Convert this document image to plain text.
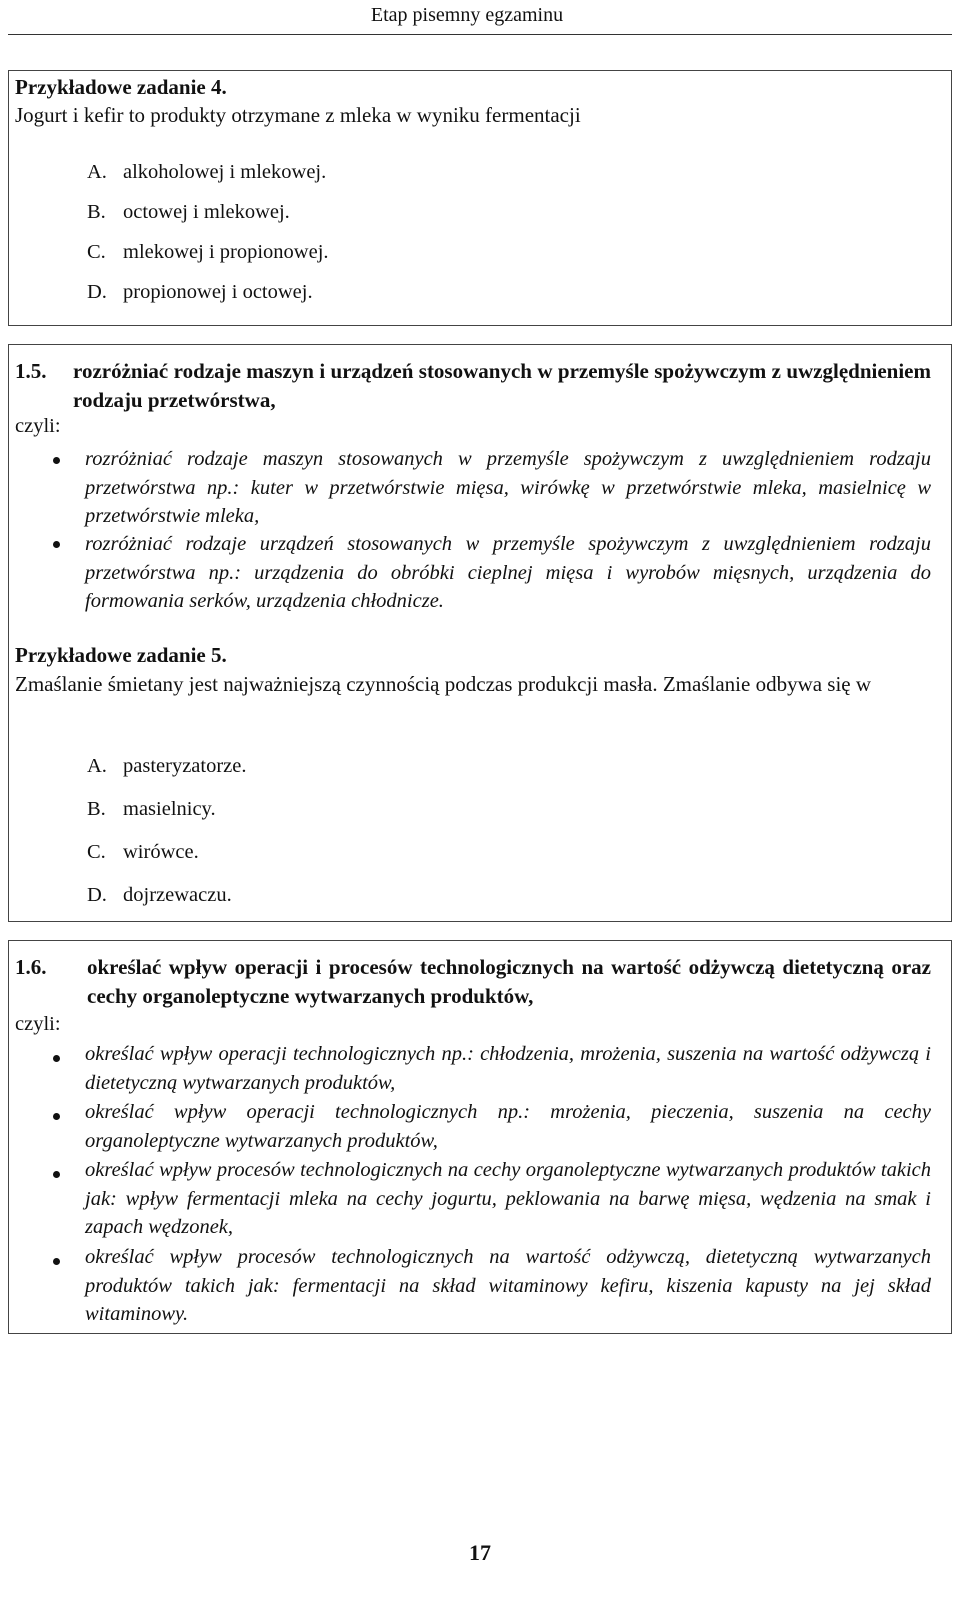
Etap pisemny egzaminu
Przykładowe zadanie 4.
Jogurt i kefir to produkty otrzymane z mleka w wyniku fermentacji
A. alkoholowej i mlekowej.
B. octowej i mlekowej.
C. mlekowej i propionowej.
D. propionowej i octowej.
1.5. rozróżniać rodzaje maszyn i urządzeń stosowanych w przemyśle spożywczym z uwzględnieniem rodzaju przetwórstwa,
czyli:
rozróżniać rodzaje maszyn stosowanych w przemyśle spożywczym z uwzględnieniem rodzaju przetwórstwa np.: kuter w przetwórstwie mięsa, wirówkę w przetwórstwie mleka, masielnicę w przetwórstwie mleka,
rozróżniać rodzaje urządzeń stosowanych w przemyśle spożywczym z uwzględnieniem rodzaju przetwórstwa np.: urządzenia do obróbki cieplnej mięsa i wyrobów mięsnych, urządzenia do formowania serków, urządzenia chłodnicze.
Przykładowe zadanie 5.
Zmaślanie śmietany jest najważniejszą czynnością podczas produkcji masła. Zmaślanie odbywa się w
A. pasteryzatorze.
B. masielnicy.
C. wirówce.
D. dojrzewaczu.
1.6. określać wpływ operacji i procesów technologicznych na wartość odżywczą dietetyczną oraz cechy organoleptyczne wytwarzanych produktów,
czyli:
określać wpływ operacji technologicznych np.: chłodzenia, mrożenia, suszenia na wartość odżywczą i dietetyczną wytwarzanych produktów,
określać wpływ operacji technologicznych np.: mrożenia, pieczenia, suszenia na cechy organoleptyczne wytwarzanych produktów,
określać wpływ procesów technologicznych na cechy organoleptyczne wytwarzanych produktów takich jak: wpływ fermentacji mleka na cechy jogurtu, peklowania na barwę mięsa, wędzenia na smak i zapach wędzonek,
określać wpływ procesów technologicznych na wartość odżywczą, dietetyczną wytwarzanych produktów takich jak: fermentacji na skład witaminowy kefiru, kiszenia kapusty na jej skład witaminowy.
17
